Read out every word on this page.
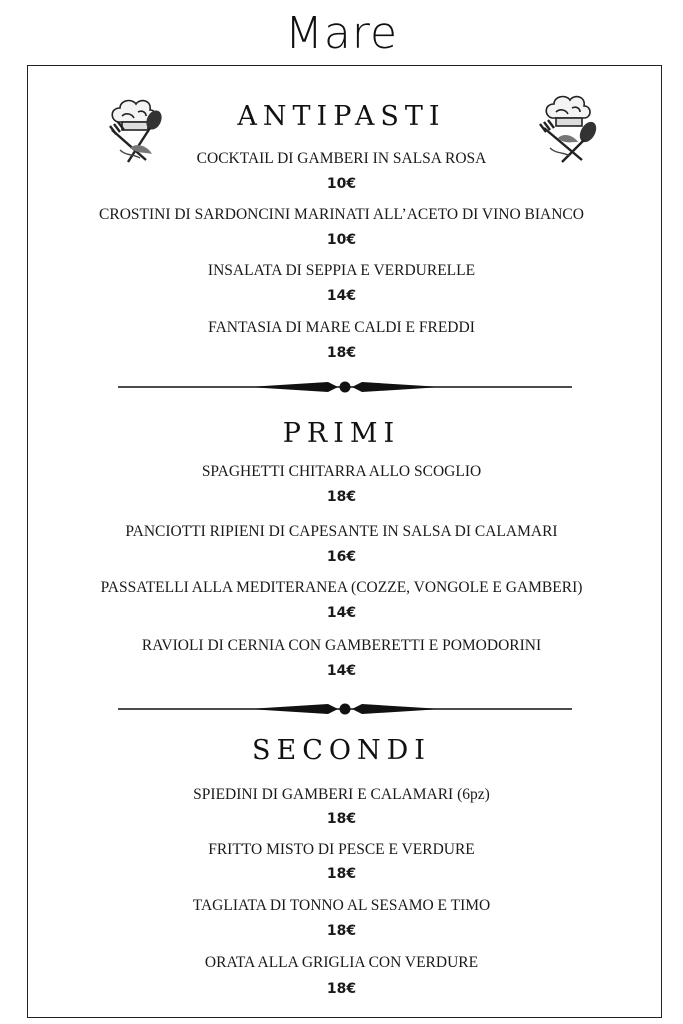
Mare
ANTIPASTI
COCKTAIL DI GAMBERI IN SALSA ROSA
10€
CROSTINI DI SARDONCINI MARINATI ALL’ACETO DI VINO BIANCO
10€
INSALATA DI SEPPIA E VERDURELLE
14€
FANTASIA DI MARE CALDI E FREDDI
18€
PRIMI
SPAGHETTI CHITARRA ALLO SCOGLIO
18€
PANCIOTTI RIPIENI DI CAPESANTE IN SALSA DI CALAMARI
16€
PASSATELLI ALLA MEDITERANEA (COZZE, VONGOLE E GAMBERI)
14€
RAVIOLI DI CERNIA CON GAMBERETTI E POMODORINI
14€
SECONDI
SPIEDINI DI GAMBERI E CALAMARI (6pz)
18€
FRITTO MISTO DI PESCE E VERDURE
18€
TAGLIATA DI TONNO AL SESAMO E TIMO
18€
ORATA ALLA GRIGLIA CON VERDURE
18€
